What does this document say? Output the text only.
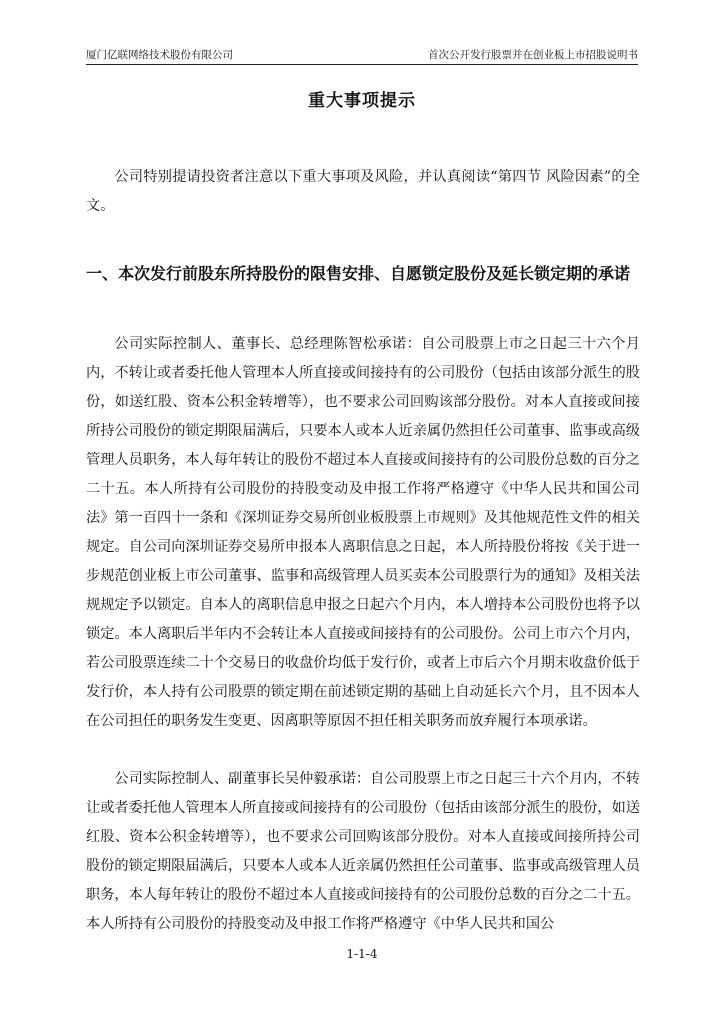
厦门亿联网络技术股份有限公司	首次公开发行股票并在创业板上市招股说明书
重大事项提示

公司特别提请投资者注意以下重大事项及风险，并认真阅读“第四节 风险因素”的全文。

一、本次发行前股东所持股份的限售安排、自愿锁定股份及延长锁定期的承诺

公司实际控制人、董事长、总经理陈智松承诺：自公司股票上市之日起三十六个月内，不转让或者委托他人管理本人所直接或间接持有的公司股份（包括由该部分派生的股份，如送红股、资本公积金转增等），也不要求公司回购该部分股份。对本人直接或间接所持公司股份的锁定期限届满后，只要本人或本人近亲属仍然担任公司董事、监事或高级管理人员职务，本人每年转让的股份不超过本人直接或间接持有的公司股份总数的百分之二十五。本人所持有公司股份的持股变动及申报工作将严格遵守《中华人民共和国公司法》第一百四十一条和《深圳证券交易所创业板股票上市规则》及其他规范性文件的相关规定。自公司向深圳证券交易所申报本人离职信息之日起，本人所持股份将按《关于进一步规范创业板上市公司董事、监事和高级管理人员买卖本公司股票行为的通知》及相关法规规定予以锁定。自本人的离职信息申报之日起六个月内，本人增持本公司股份也将予以锁定。本人离职后半年内不会转让本人直接或间接持有的公司股份。公司上市六个月内，若公司股票连续二十个交易日的收盘价均低于发行价，或者上市后六个月期末收盘价低于发行价，本人持有公司股票的锁定期在前述锁定期的基础上自动延长六个月，且不因本人在公司担任的职务发生变更、因离职等原因不担任相关职务而放弃履行本项承诺。

公司实际控制人、副董事长吴仲毅承诺：自公司股票上市之日起三十六个月内，不转让或者委托他人管理本人所直接或间接持有的公司股份（包括由该部分派生的股份，如送红股、资本公积金转增等），也不要求公司回购该部分股份。对本人直接或间接所持公司股份的锁定期限届满后，只要本人或本人近亲属仍然担任公司董事、监事或高级管理人员职务，本人每年转让的股份不超过本人直接或间接持有的公司股份总数的百分之二十五。本人所持有公司股份的持股变动及申报工作将严格遵守《中华人民共和国公

1-1-4
